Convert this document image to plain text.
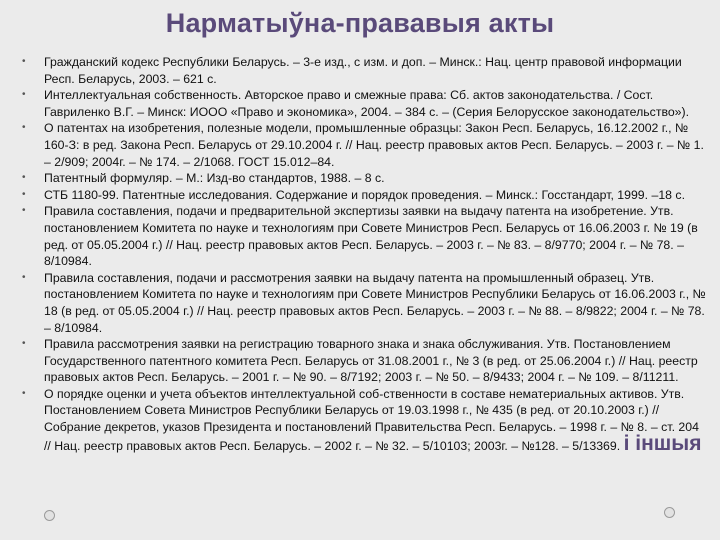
Нарматыўна-прававыя акты
• Гражданский кодекс Республики Беларусь. – 3-е изд., с изм. и доп. – Минск.: Нац. центр правовой информации Респ. Беларусь, 2003. – 621 с.
• Интеллектуальная собственность. Авторское право и смежные права: Сб. актов законодательства. / Сост. Гавриленко В.Г. – Минск: ИООО «Право и экономика», 2004. – 384 с. – (Серия Белорусское законодательство»).
• О патентах на изобретения, полезные модели, промышленные образцы: Закон Респ. Беларусь, 16.12.2002 г., № 160-З: в ред. Закона Респ. Беларусь от 29.10.2004 г. // Нац. реестр правовых актов Респ. Беларусь. – 2003 г. – № 1. – 2/909; 2004г. – № 174. – 2/1068. ГОСТ 15.012–84.
• Патентный формуляр. – М.: Изд-во стандартов, 1988. – 8 с.
• СТБ 1180-99. Патентные исследования. Содержание и порядок проведения. – Минск.: Госстандарт, 1999. –18 с.
• Правила составления, подачи и предварительной экспертизы заявки на выдачу патента на изобретение. Утв. постановлением Комитета по науке и технологиям при Совете Министров Респ. Беларусь от 16.06.2003 г. № 19 (в ред. от 05.05.2004 г.) // Нац. реестр правовых актов Респ. Беларусь. – 2003 г. – № 83. – 8/9770; 2004 г. – № 78. – 8/10984.
• Правила составления, подачи и рассмотрения заявки на выдачу патента на промышленный образец. Утв. постановлением Комитета по науке и технологиям при Совете Министров Республики Беларусь от 16.06.2003 г., № 18 (в ред. от 05.05.2004 г.) // Нац. реестр правовых актов Респ. Беларусь. – 2003 г. – № 88. – 8/9822; 2004 г. – № 78. – 8/10984.
• Правила рассмотрения заявки на регистрацию товарного знака и знака обслуживания. Утв. Постановлением Государственного патентного комитета Респ. Беларусь от 31.08.2001 г., № 3 (в ред. от 25.06.2004 г.) // Нац. реестр правовых актов Респ. Беларусь. – 2001 г. – № 90. – 8/7192; 2003 г. – № 50. – 8/9433; 2004 г. – № 109. – 8/11211.
• О порядке оценки и учета объектов интеллектуальной соб-ственности в составе нематериальных активов. Утв. Постановлением Совета Министров Республики Беларусь от 19.03.1998 г., № 435 (в ред. от 20.10.2003 г.) // Собрание декретов, указов Президента и постановлений Правительства Респ. Беларусь. – 1998 г. – № 8. – ст. 204 // Нац. реестр правовых актов Респ. Беларусь. – 2002 г. – № 32. – 5/10103; 2003г. – №128. – 5/13369. і іншыя
